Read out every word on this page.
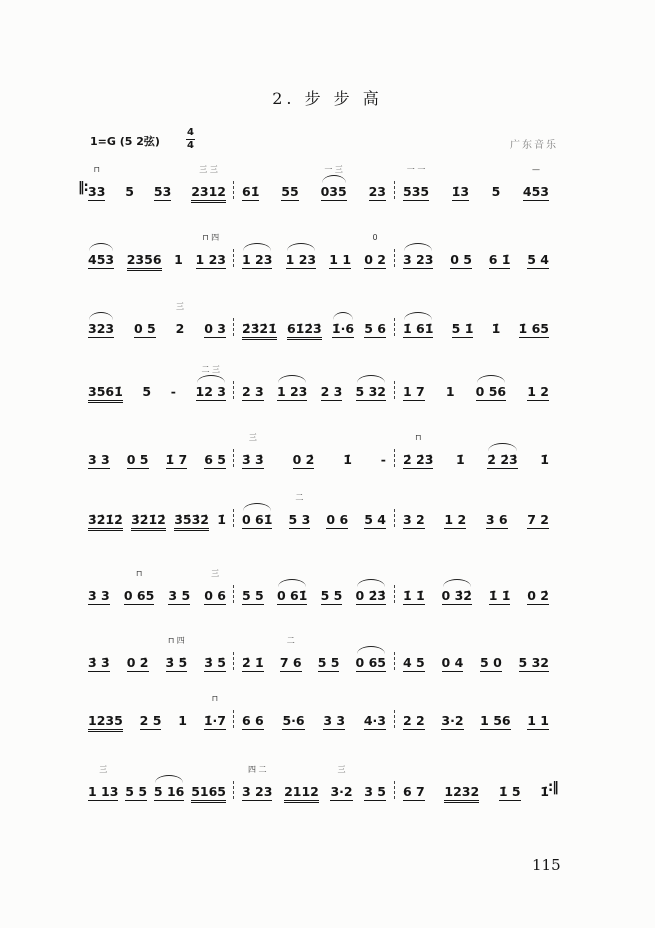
2. 步 步 高
1=G (5 2弦)
4
4	广东音乐
33
⊓
5 53 2312
三 三
61̇ 55 035
一 三
23 535
一 一
1̇3 5 453
—
453 2356 1 1 23
⊓ 四
1 23 1 23 1 1 0 2
0
3 23 0 5 6 1̇ 5 4
323 0 5 2
三
0 3 2̇3̇2̇1̇ 61̇2̇3̇ 1̇·6 5 6 1̇ 61̇ 5 1̇ 1̇ 1̇ 65
3561̇ 5 - 12 3
二 三
2 3 1 23 2 3 5 32 1 7 1 0 56 1 2
3 3 0 5 1̇ 7 6 5 3̇ 3̇
三
0 2̇ 1̇ - 2̇ 2̇3̇
⊓
1̇ 2̇ 2̇3̇ 1̇
3̇2̇1̇2̇ 3̇2̇1̇2̇ 3̇5̇3̇2̇ 1̇ 0 61̇ 5 3
二
0 6 5 4 3 2 1 2 3 6 7 2
3 3 0 65
⊓
3 5 0 6
三
5 5 0 61̇ 5 5 0 2̇3̇ 1̇ 1̇ 0 3̇2̇ 1̇ 1̇ 0 2̇
3̇ 3̇ 0 2̇ 3̇ 5̇
⊓ 四
3̇ 5̇ 2̇ 1̇ 7 6
二
5 5 0 65 4 5 0 4 5 0 5 32
1235 2 5 1 1̇·7
⊓
6 6 5·6 3 3 4·3 2 2 3·2 1 56 1 1
1 13
三
5 5 5 16 5165 3 23
四 二
2112 3·2
三
3 5 6 7 1232 1̇ 5 1̇
‖:
:‖
115
